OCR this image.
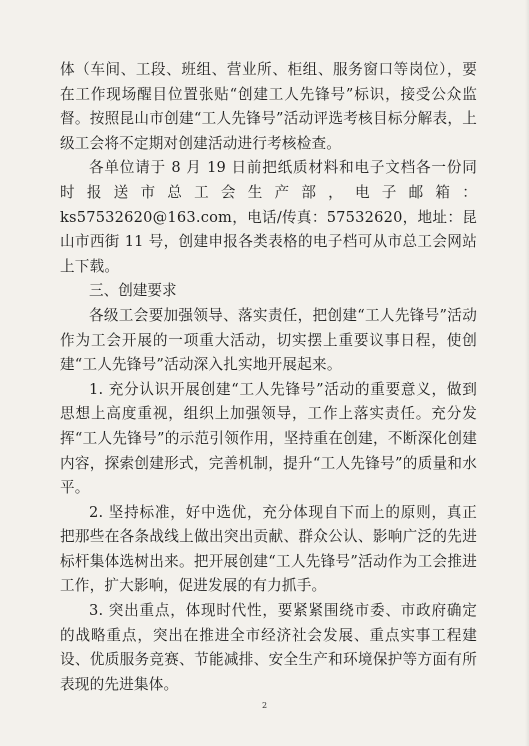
体（车间、工段、班组、营业所、柜组、服务窗口等岗位），要在工作现场醒目位置张贴“创建工人先锋号”标识，接受公众监督。按照昆山市创建“工人先锋号”活动评选考核目标分解表，上级工会将不定期对创建活动进行考核检查。

各单位请于 8 月 19 日前把纸质材料和电子文档各一份同时报送市总工会生产部，电子邮箱：ks57532620@163.com，电话/传真：57532620，地址：昆山市西街 11 号，创建申报各类表格的电子档可从市总工会网站上下载。

三、创建要求

各级工会要加强领导、落实责任，把创建“工人先锋号”活动作为工会开展的一项重大活动，切实摆上重要议事日程，使创建“工人先锋号”活动深入扎实地开展起来。

1. 充分认识开展创建“工人先锋号”活动的重要意义，做到思想上高度重视，组织上加强领导，工作上落实责任。充分发挥“工人先锋号”的示范引领作用，坚持重在创建，不断深化创建内容，探索创建形式，完善机制，提升“工人先锋号”的质量和水平。

2. 坚持标准，好中选优，充分体现自下而上的原则，真正把那些在各条战线上做出突出贡献、群众公认、影响广泛的先进标杆集体选树出来。把开展创建“工人先锋号”活动作为工会推进工作，扩大影响，促进发展的有力抓手。

3. 突出重点，体现时代性，要紧紧围绕市委、市政府确定的战略重点，突出在推进全市经济社会发展、重点实事工程建设、优质服务竞赛、节能减排、安全生产和环境保护等方面有所表现的先进集体。

2
